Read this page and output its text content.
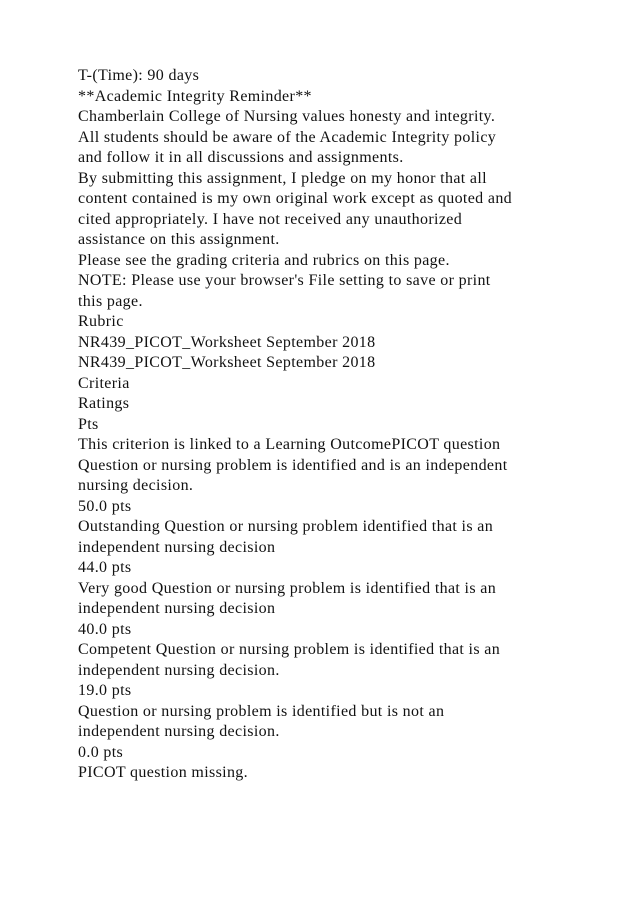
T-(Time): 90 days
**Academic Integrity Reminder**
Chamberlain College of Nursing values honesty and integrity.
All students should be aware of the Academic Integrity policy
and follow it in all discussions and assignments.
By submitting this assignment, I pledge on my honor that all
content contained is my own original work except as quoted and
cited appropriately. I have not received any unauthorized
assistance on this assignment.
Please see the grading criteria and rubrics on this page.
NOTE: Please use your browser's File setting to save or print
this page.
Rubric
NR439_PICOT_Worksheet September 2018
NR439_PICOT_Worksheet September 2018
Criteria
Ratings
Pts
This criterion is linked to a Learning OutcomePICOT question
Question or nursing problem is identified and is an independent
nursing decision.
50.0 pts
Outstanding Question or nursing problem identified that is an
independent nursing decision
44.0 pts
Very good Question or nursing problem is identified that is an
independent nursing decision
40.0 pts
Competent Question or nursing problem is identified that is an
independent nursing decision.
19.0 pts
Question or nursing problem is identified but is not an
independent nursing decision.
0.0 pts
PICOT question missing.
